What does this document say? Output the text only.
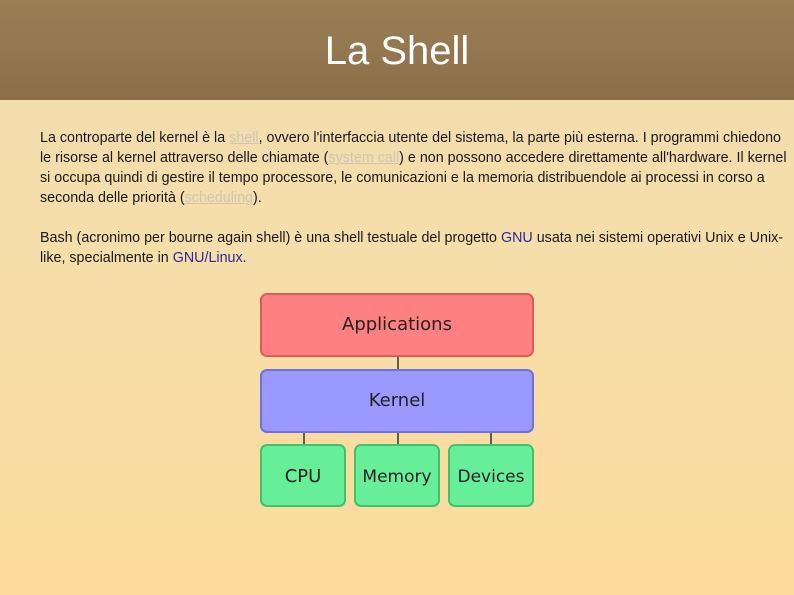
La Shell

La controparte del kernel è la shell, ovvero l'interfaccia utente del sistema, la parte più esterna. I programmi chiedono le risorse al kernel attraverso delle chiamate (system call) e non possono accedere direttamente all'hardware. Il kernel si occupa quindi di gestire il tempo processore, le comunicazioni e la memoria distribuendole ai processi in corso a seconda delle priorità (scheduling).

Bash (acronimo per bourne again shell) è una shell testuale del progetto GNU usata nei sistemi operativi Unix e Unix-like, specialmente in GNU/Linux.

Applications
Kernel
CPU Memory Devices
